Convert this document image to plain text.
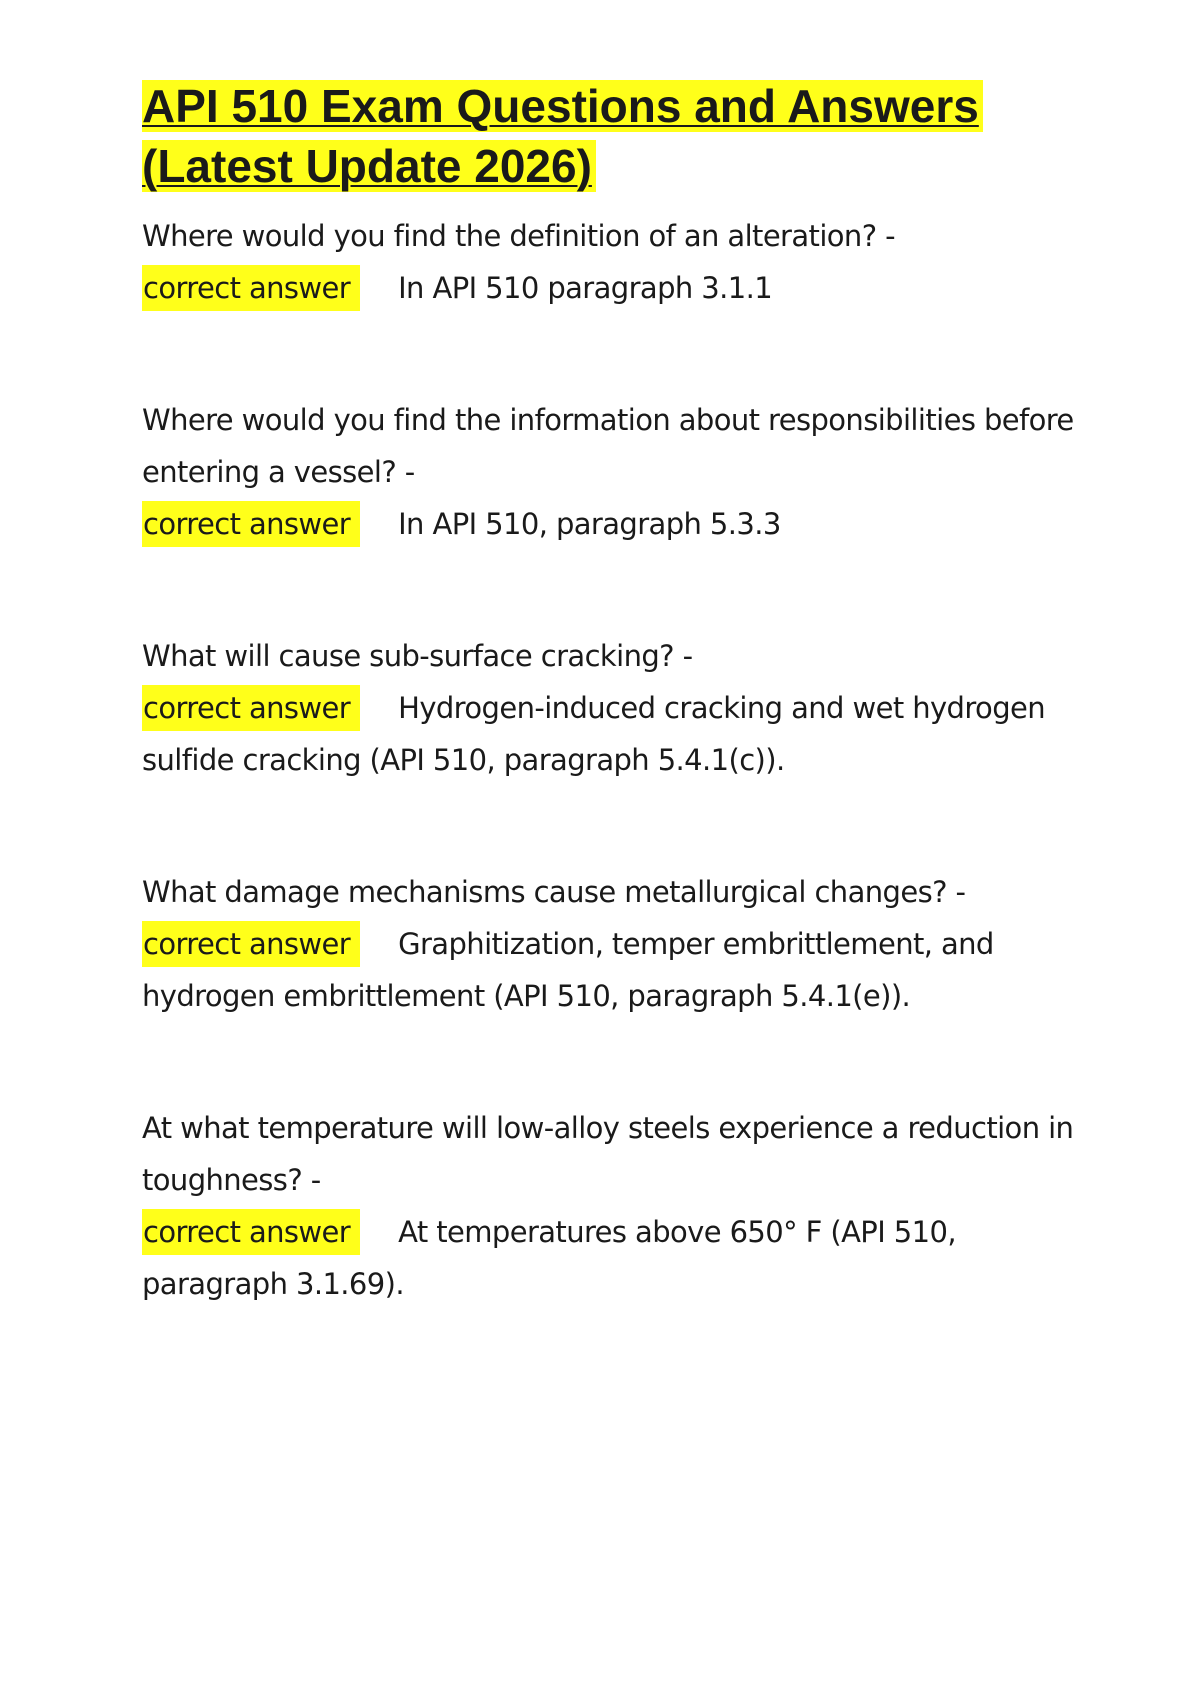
API 510 Exam Questions and Answers (Latest Update 2026)

Where would you find the definition of an alteration? -

correct answer In API 510 paragraph 3.1.1

Where would you find the information about responsibilities before entering a vessel? -

correct answer In API 510, paragraph 5.3.3

What will cause sub-surface cracking? -

correct answer Hydrogen-induced cracking and wet hydrogen sulfide cracking (API 510, paragraph 5.4.1(c)).

What damage mechanisms cause metallurgical changes? -

correct answer Graphitization, temper embrittlement, and hydrogen embrittlement (API 510, paragraph 5.4.1(e)).

At what temperature will low-alloy steels experience a reduction in toughness? -

correct answer At temperatures above 650° F (API 510, paragraph 3.1.69).
